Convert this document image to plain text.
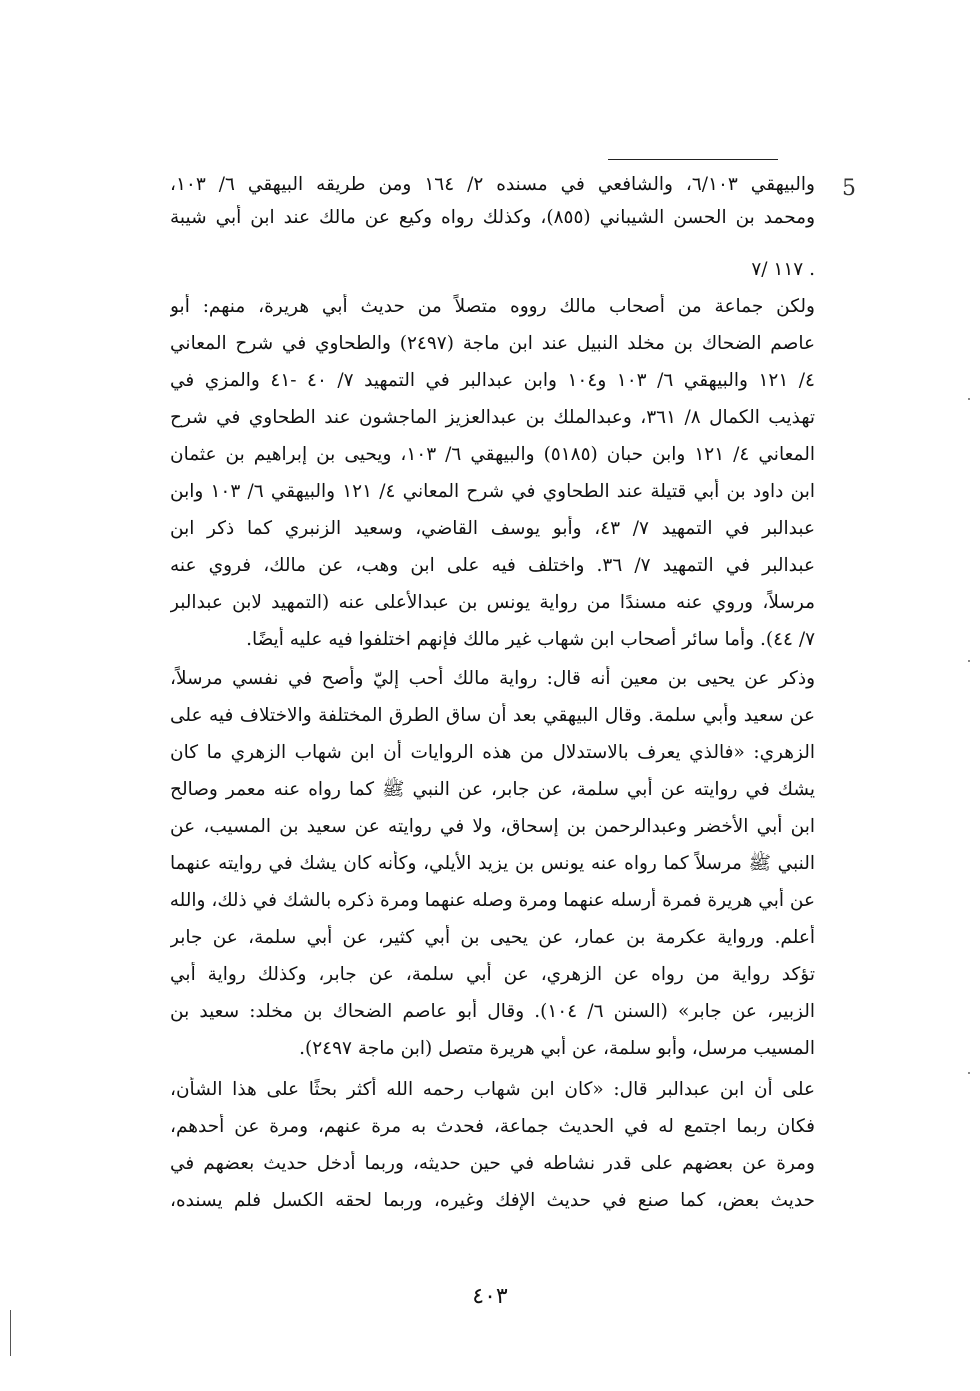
5
والبيهقي ٦/١٠٣، والشافعي في مسنده ٢/ ١٦٤ ومن طريقه البيهقي ٦/ ١٠٣،
ومحمد بن الحسن الشيباني (٨٥٥)، وكذلك رواه وكيع عن مالك عند ابن أبي شيبة
. ١١٧ /٧
ولكن جماعة من أصحاب مالك رووه متصلاً من حديث أبي هريرة، منهم: أبو
عاصم الضحاك بن مخلد النبيل عند ابن ماجة (٢٤٩٧) والطحاوي في شرح المعاني
٤/ ١٢١ والبيهقي ٦/ ١٠٣ و١٠٤ وابن عبدالبر في التمهيد ٧/ ٤٠ -٤١ والمزي في
تهذيب الكمال ٨/ ٣٦١، وعبدالملك بن عبدالعزيز الماجشون عند الطحاوي في شرح
المعاني ٤/ ١٢١ وابن حبان (٥١٨٥) والبيهقي ٦/ ١٠٣، ويحيى بن إبراهيم بن عثمان
ابن داود بن أبي قتيلة عند الطحاوي في شرح المعاني ٤/ ١٢١ والبيهقي ٦/ ١٠٣ وابن
عبدالبر في التمهيد ٧/ ٤٣، وأبو يوسف القاضي، وسعيد الزنبري كما ذكر ابن
عبدالبر في التمهيد ٧/ ٣٦. واختلف فيه على ابن وهب، عن مالك، فروي عنه
مرسلاً، وروي عنه مسندًا من رواية يونس بن عبدالأعلى عنه (التمهيد لابن عبدالبر
٧/ ٤٤). وأما سائر أصحاب ابن شهاب غير مالك فإنهم اختلفوا فيه عليه أيضًا.
وذكر عن يحيى بن معين أنه قال: رواية مالك أحب إليّ وأصح في نفسي مرسلاً،
عن سعيد وأبي سلمة. وقال البيهقي بعد أن ساق الطرق المختلفة والاختلاف فيه على
الزهري: «فالذي يعرف بالاستدلال من هذه الروايات أن ابن شهاب الزهري ما كان
يشك في روايته عن أبي سلمة، عن جابر، عن النبي ﷺ كما رواه عنه معمر وصالح
ابن أبي الأخضر وعبدالرحمن بن إسحاق، ولا في روايته عن سعيد بن المسيب، عن
النبي ﷺ مرسلاً كما رواه عنه يونس بن يزيد الأيلي، وكأنه كان يشك في روايته عنهما
عن أبي هريرة فمرة أرسله عنهما ومرة وصله عنهما ومرة ذكره بالشك في ذلك، والله
أعلم. ورواية عكرمة بن عمار، عن يحيى بن أبي كثير، عن أبي سلمة، عن جابر
تؤكد رواية من رواه عن الزهري، عن أبي سلمة، عن جابر، وكذلك رواية أبي
الزبير، عن جابر» (السنن ٦/ ١٠٤). وقال أبو عاصم الضحاك بن مخلد: سعيد بن
المسيب مرسل، وأبو سلمة، عن أبي هريرة متصل (ابن ماجة ٢٤٩٧).
على أن ابن عبدالبر قال: «كان ابن شهاب رحمه الله أكثر بحثًا على هذا الشأن،
فكان ربما اجتمع له في الحديث جماعة، فحدث به مرة عنهم، ومرة عن أحدهم،
ومرة عن بعضهم على قدر نشاطه في حين حديثه، وربما أدخل حديث بعضهم في
حديث بعض، كما صنع في حديث الإفك وغيره، وربما لحقه الكسل فلم يسنده،
٤٠٣
